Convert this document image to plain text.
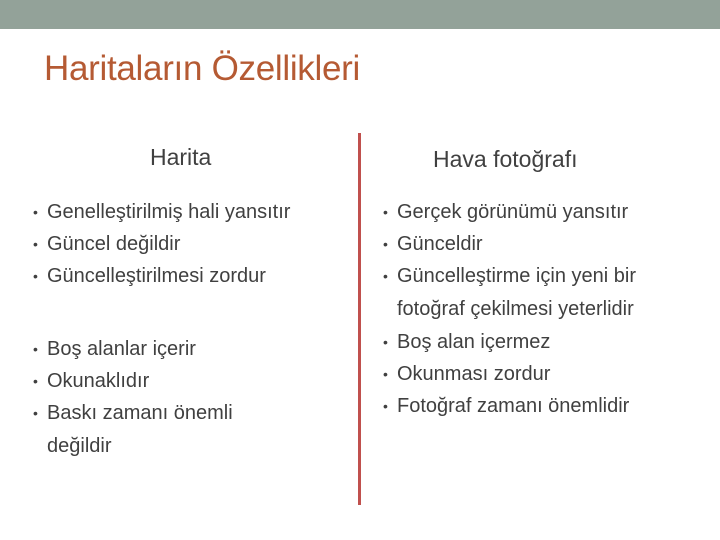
Haritaların Özellikleri
Harita	Hava fotoğrafı
• Genelleştirilmiş hali yansıtır
• Güncel değildir
• Güncelleştirilmesi zordur
• Boş alanlar içerir
• Okunaklıdır
• Baskı zamanı önemli değildir
• Gerçek görünümü yansıtır
• Günceldir
• Güncelleştirme için yeni bir fotoğraf çekilmesi yeterlidir
• Boş alan içermez
• Okunması zordur
• Fotoğraf zamanı önemlidir
